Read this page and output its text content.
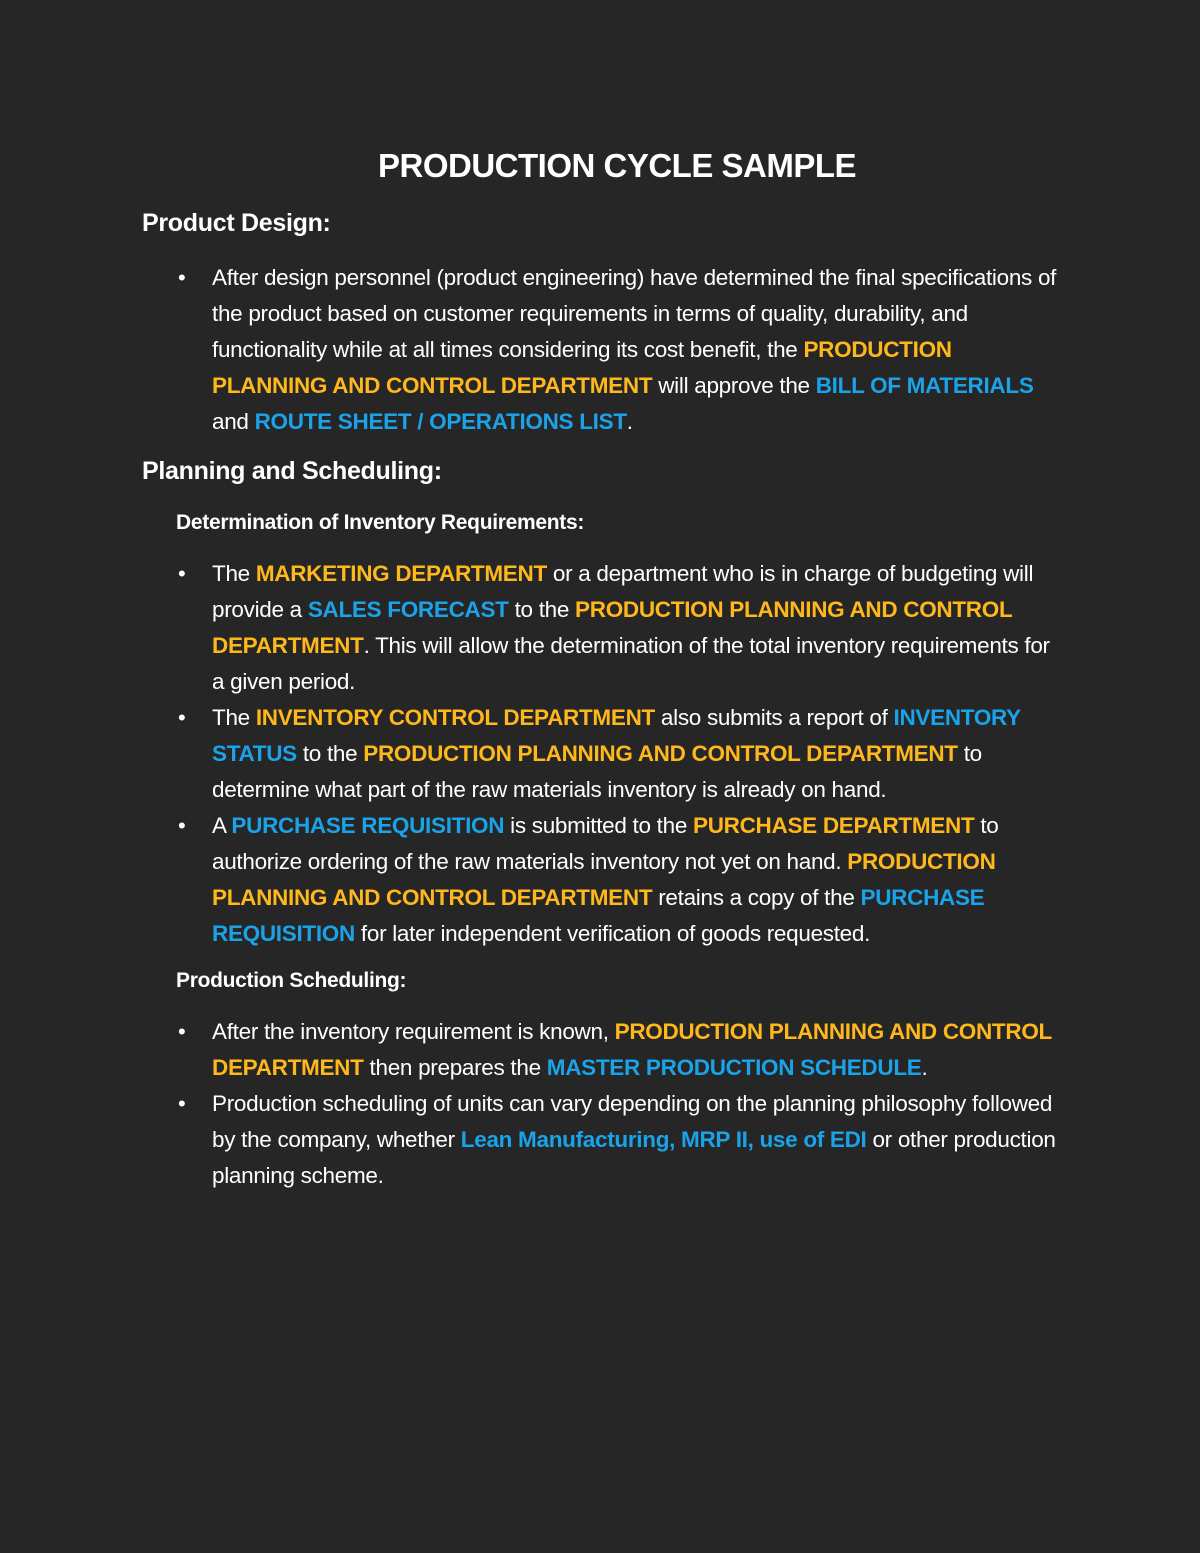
PRODUCTION CYCLE SAMPLE
Product Design:
• After design personnel (product engineering) have determined the final specifications of the product based on customer requirements in terms of quality, durability, and functionality while at all times considering its cost benefit, the PRODUCTION PLANNING AND CONTROL DEPARTMENT will approve the BILL OF MATERIALS and ROUTE SHEET / OPERATIONS LIST.
Planning and Scheduling:
Determination of Inventory Requirements:
• The MARKETING DEPARTMENT or a department who is in charge of budgeting will provide a SALES FORECAST to the PRODUCTION PLANNING AND CONTROL DEPARTMENT. This will allow the determination of the total inventory requirements for a given period.
• The INVENTORY CONTROL DEPARTMENT also submits a report of INVENTORY STATUS to the PRODUCTION PLANNING AND CONTROL DEPARTMENT to determine what part of the raw materials inventory is already on hand.
• A PURCHASE REQUISITION is submitted to the PURCHASE DEPARTMENT to authorize ordering of the raw materials inventory not yet on hand. PRODUCTION PLANNING AND CONTROL DEPARTMENT retains a copy of the PURCHASE REQUISITION for later independent verification of goods requested.
Production Scheduling:
• After the inventory requirement is known, PRODUCTION PLANNING AND CONTROL DEPARTMENT then prepares the MASTER PRODUCTION SCHEDULE.
• Production scheduling of units can vary depending on the planning philosophy followed by the company, whether Lean Manufacturing, MRP II, use of EDI or other production planning scheme.
